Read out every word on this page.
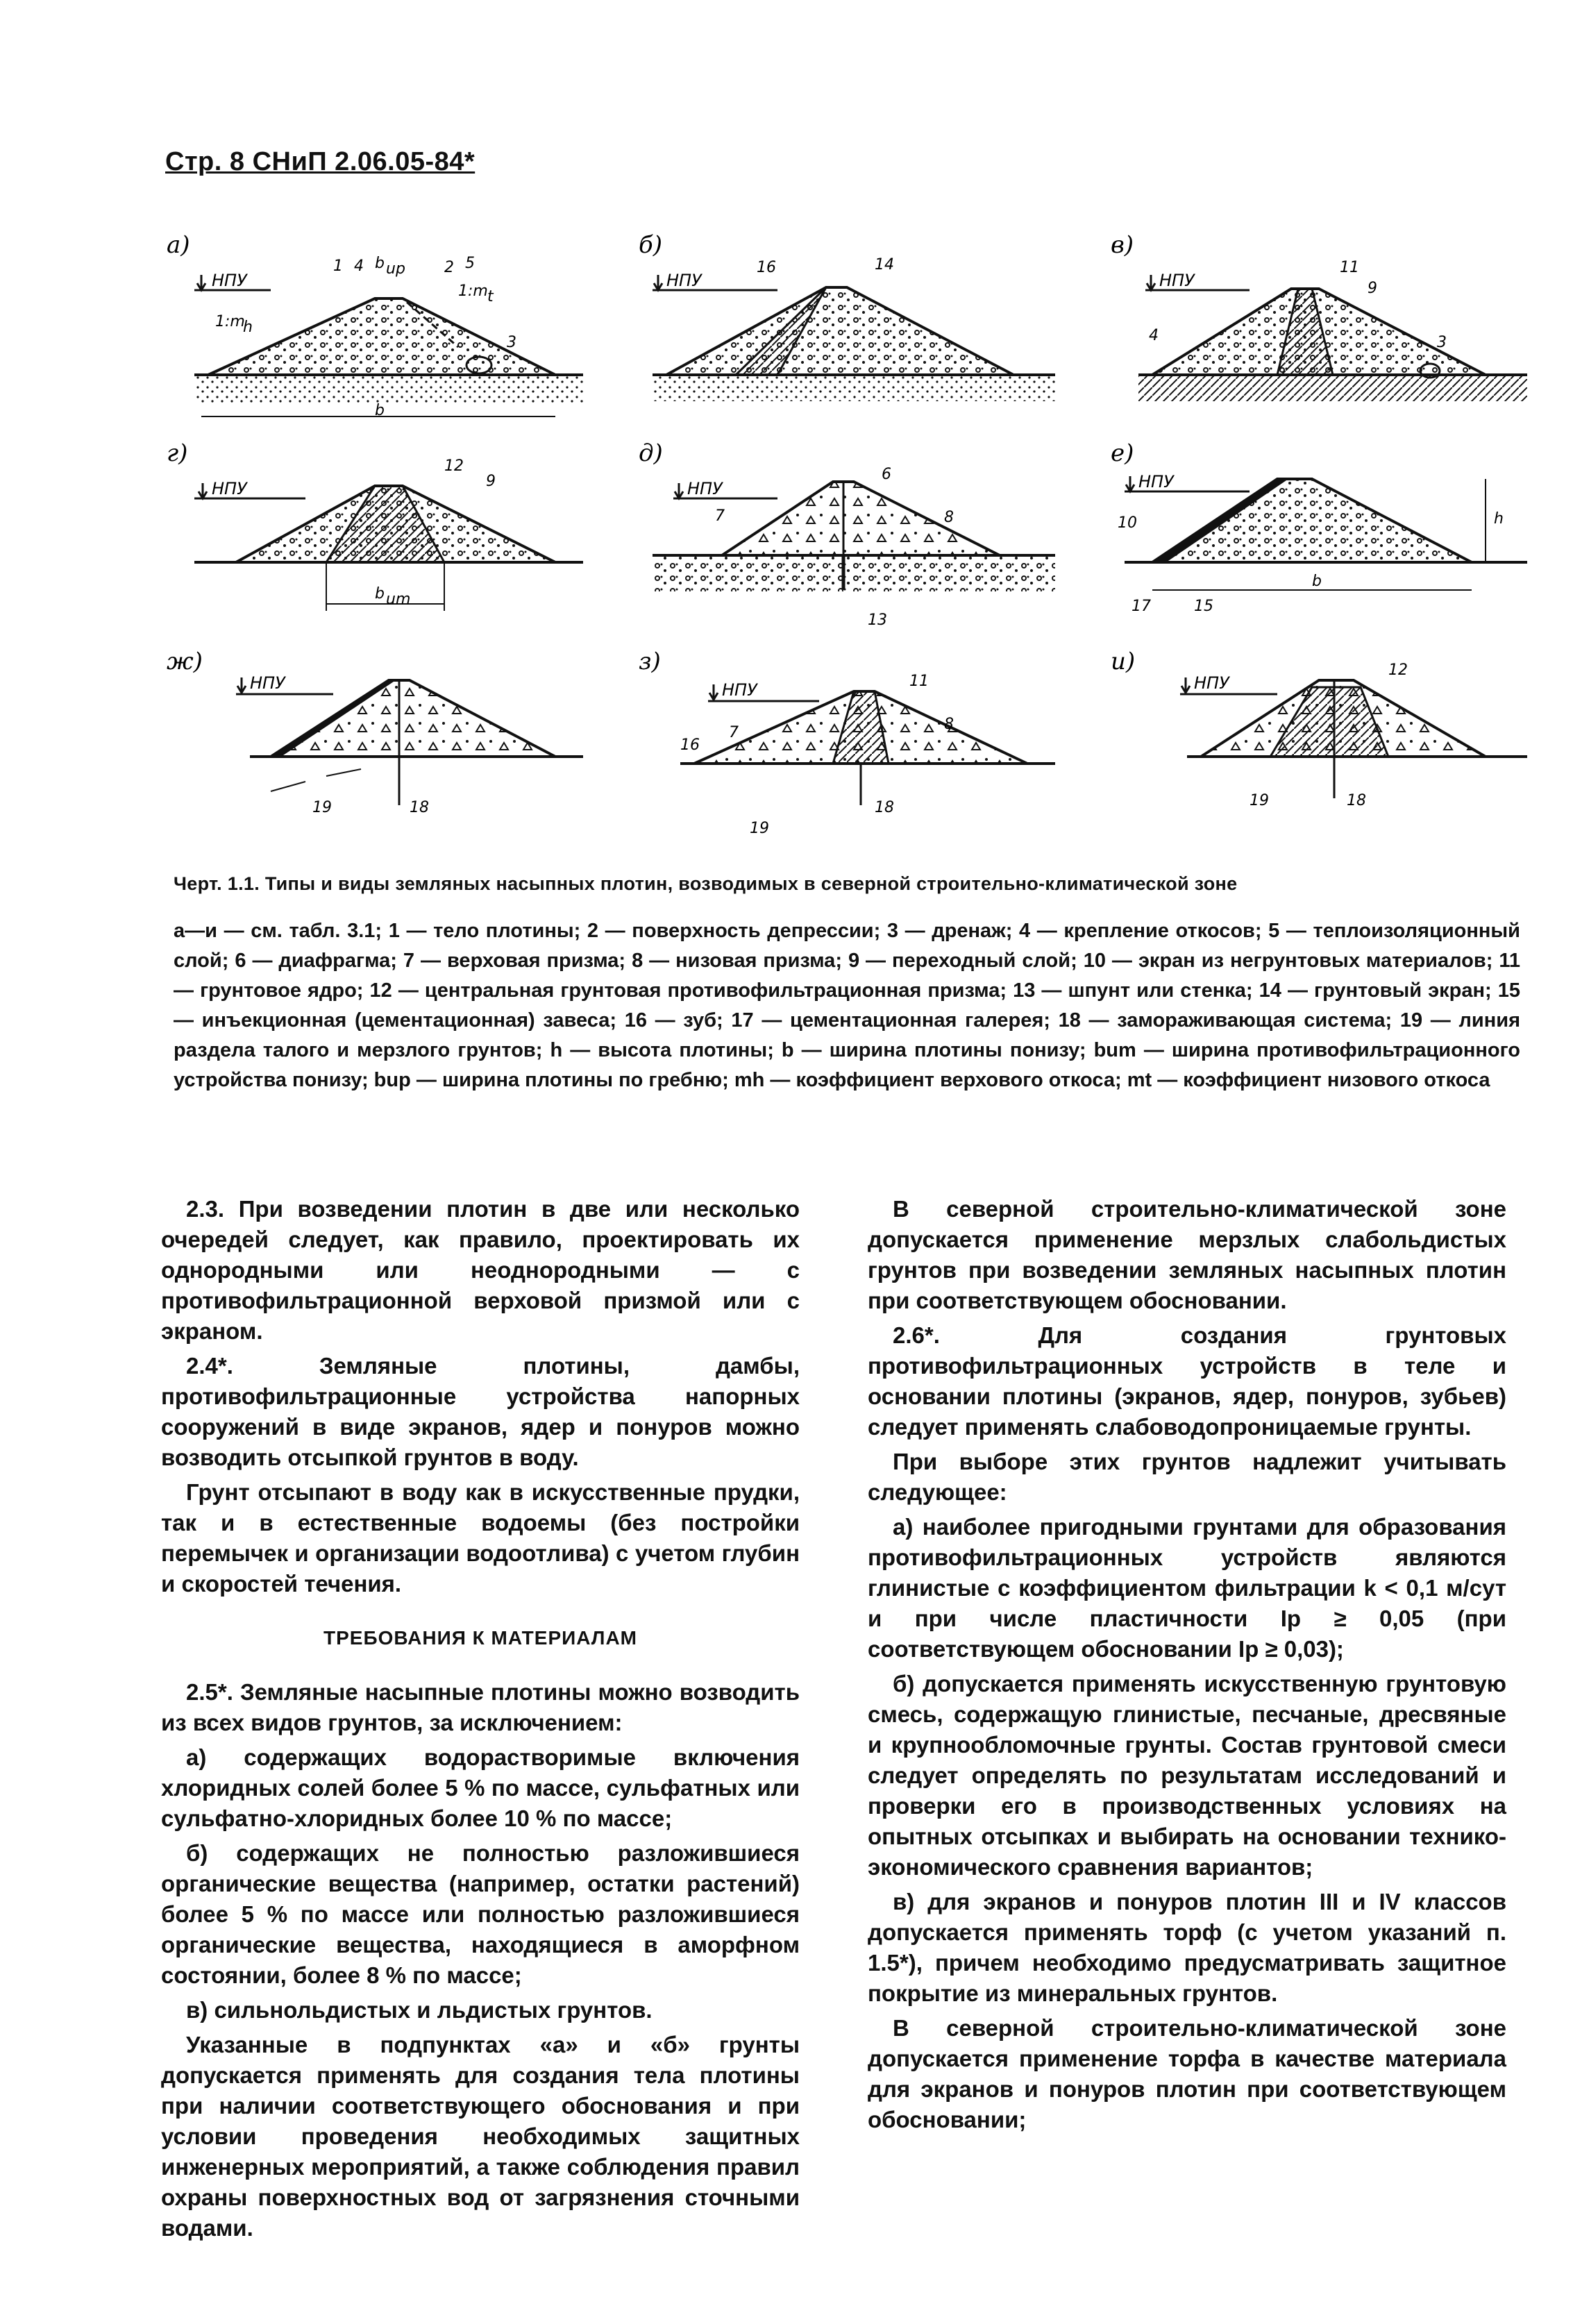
Стр. 8 СНиП 2.06.05-84*
а)
НПУ
b
b up
1:m
h
1:m t
1 4	2 5
3
б)
НПУ
16	14
в)
НПУ
4
11
9
3
г)
НПУ
b um
12
9
д)
НПУ
7
6
8
13
е)
НПУ
h
b
10
17	15
ж)
НПУ
19	18
з)
НПУ
16
7
11
8
19
18
и)
НПУ
12
19	18
Черт. 1.1. Типы и виды земляных насыпных плотин, возводимых в северной строительно-климатической зоне

а—и — см. табл. 3.1; 1 — тело плотины; 2 — поверхность депрессии; 3 — дренаж; 4 — крепление откосов; 5 — теплоизоляционный слой; 6 — диафрагма; 7 — верховая призма; 8 — низовая призма; 9 — переходный слой; 10 — экран из негрунтовых материалов; 11 — грунтовое ядро; 12 — центральная грунтовая противофильтрационная призма; 13 — шпунт или стенка; 14 — грунтовый экран; 15 — инъекционная (цементационная) завеса; 16 — зуб; 17 — цементационная галерея; 18 — замораживающая система; 19 — линия раздела талого и мерзлого грунтов; h — высота плотины; b — ширина плотины понизу; bum — ширина противофильтрационного устройства понизу; bup — ширина плотины по гребню; mh — коэффициент верхового откоса; mt — коэффициент низового откоса

2.3. При возведении плотин в две или несколько очередей следует, как правило, проектировать их однородными или неоднородными — с противофильтрационной верховой призмой или с экраном.

2.4*. Земляные плотины, дамбы, противофильтрационные устройства напорных сооружений в виде экранов, ядер и понуров можно возводить отсыпкой грунтов в воду.

Грунт отсыпают в воду как в искусственные прудки, так и в естественные водоемы (без постройки перемычек и организации водоотлива) с учетом глубин и скоростей течения.

ТРЕБОВАНИЯ К МАТЕРИАЛАМ

2.5*. Земляные насыпные плотины можно возводить из всех видов грунтов, за исключением:

а) содержащих водорастворимые включения хлоридных солей более 5 % по массе, сульфатных или сульфатно-хлоридных более 10 % по массе;

б) содержащих не полностью разложившиеся органические вещества (например, остатки растений) более 5 % по массе или полностью разложившиеся органические вещества, находящиеся в аморфном состоянии, более 8 % по массе;

в) сильнольдистых и льдистых грунтов.

Указанные в подпунктах «а» и «б» грунты допускается применять для создания тела плотины при наличии соответствующего обоснования и при условии проведения необходимых защитных инженерных мероприятий, а также соблюдения правил охраны поверхностных вод от загрязнения сточными водами.

В северной строительно-климатической зоне допускается применение мерзлых слабольдистых грунтов при возведении земляных насыпных плотин при соответствующем обосновании.

2.6*. Для создания грунтовых противофильтрационных устройств в теле и основании плотины (экранов, ядер, понуров, зубьев) следует применять слабоводопроницаемые грунты.

При выборе этих грунтов надлежит учитывать следующее:

а) наиболее пригодными грунтами для образования противофильтрационных устройств являются глинистые с коэффициентом фильтрации k < 0,1 м/сут и при числе пластичности Ip ≥ 0,05 (при соответствующем обосновании Ip ≥ 0,03);

б) допускается применять искусственную грунтовую смесь, содержащую глинистые, песчаные, дресвяные и крупнообломочные грунты. Состав грунтовой смеси следует определять по результатам исследований и проверки его в производственных условиях на опытных отсыпках и выбирать на основании технико-экономического сравнения вариантов;

в) для экранов и понуров плотин III и IV классов допускается применять торф (с учетом указаний п. 1.5*), причем необходимо предусматривать защитное покрытие из минеральных грунтов.

В северной строительно-климатической зоне допускается применение торфа в качестве материала для экранов и понуров плотин при соответствующем обосновании;
